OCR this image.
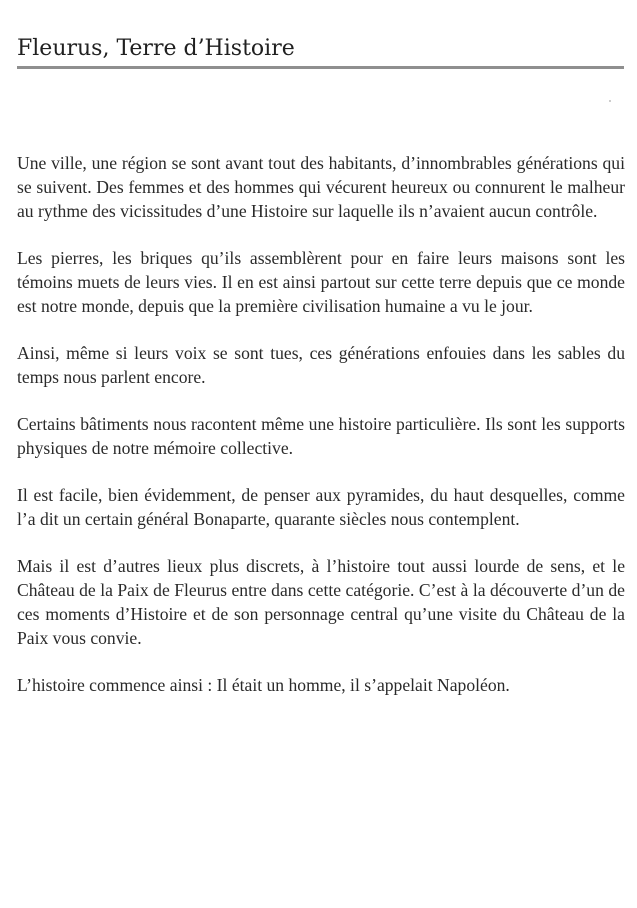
Fleurus, Terre d’Histoire

Une ville, une région se sont avant tout des habitants, d’innombrables générations qui se suivent. Des femmes et des hommes qui vécurent heureux ou connurent le malheur au rythme des vicissitudes d’une Histoire sur laquelle ils n’avaient aucun contrôle.

Les pierres, les briques qu’ils assemblèrent pour en faire leurs maisons sont les témoins muets de leurs vies. Il en est ainsi partout sur cette terre depuis que ce monde est notre monde, depuis que la première civilisation humaine a vu le jour.

Ainsi, même si leurs voix se sont tues, ces générations enfouies dans les sables du temps nous parlent encore.

Certains bâtiments nous racontent même une histoire particulière. Ils sont les supports physiques de notre mémoire collective.

Il est facile, bien évidemment, de penser aux pyramides, du haut desquelles, comme l’a dit un certain général Bonaparte, quarante siècles nous contemplent.

Mais il est d’autres lieux plus discrets, à l’histoire tout aussi lourde de sens, et le Château de la Paix de Fleurus entre dans cette catégorie. C’est à la découverte d’un de ces moments d’Histoire et de son personnage central qu’une visite du Château de la Paix vous convie.

L’histoire commence ainsi : Il était un homme, il s’appelait Napoléon.
